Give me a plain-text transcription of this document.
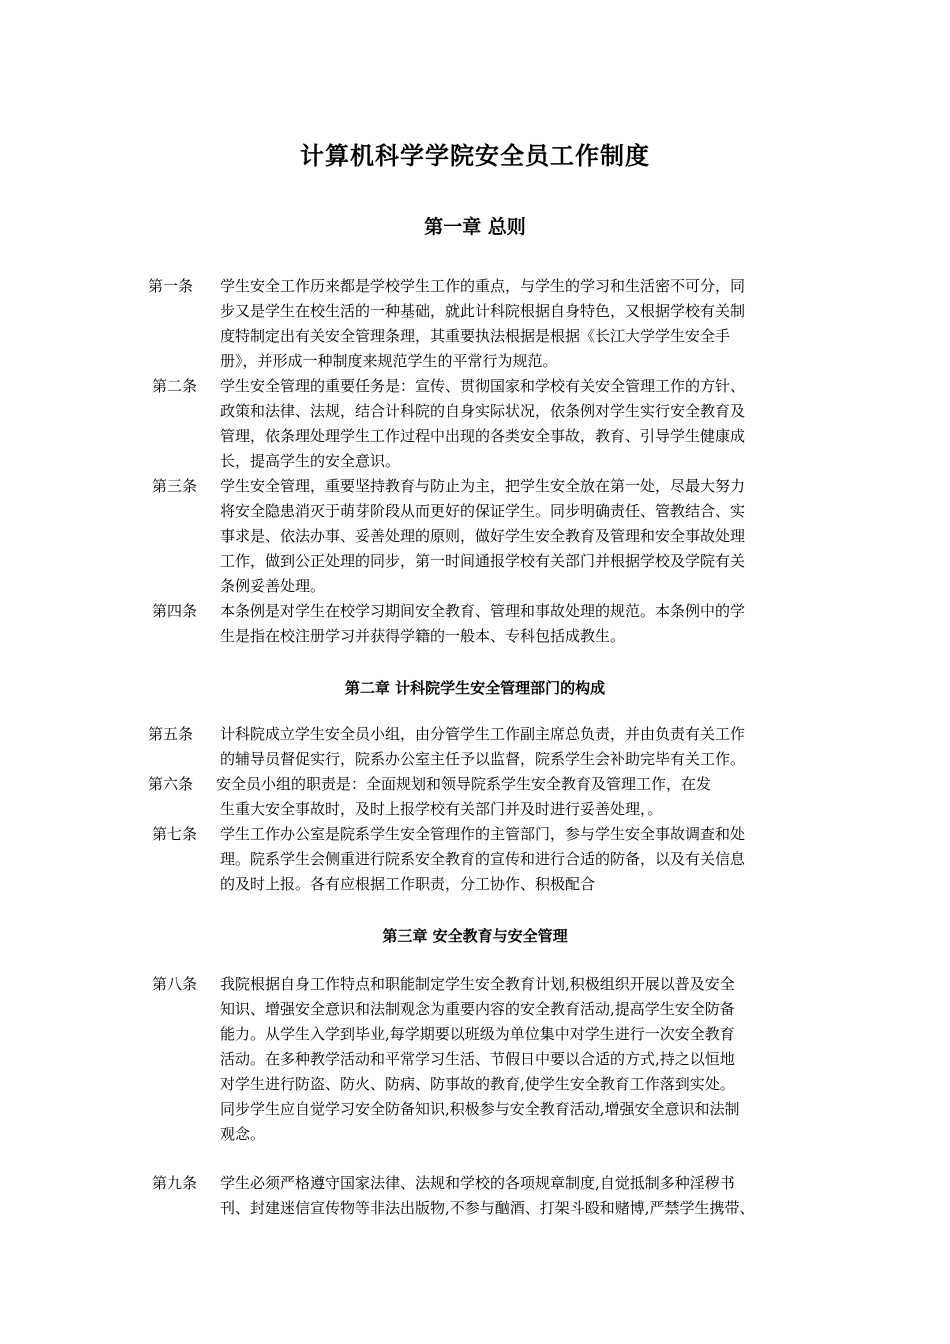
计算机科学学院安全员工作制度
第一章 总则
第一条 学生安全工作历来都是学校学生工作的重点，与学生的学习和生活密不可分，同
步又是学生在校生活的一种基础，就此计科院根据自身特色，又根据学校有关制
度特制定出有关安全管理条理，其重要执法根据是根据《长江大学学生安全手
册》，并形成一种制度来规范学生的平常行为规范。
第二条 学生安全管理的重要任务是：宣传、贯彻国家和学校有关安全管理工作的方针、
政策和法律、法规，结合计科院的自身实际状况，依条例对学生实行安全教育及
管理，依条理处理学生工作过程中出现的各类安全事故，教育、引导学生健康成
长，提高学生的安全意识。
第三条 学生安全管理，重要坚持教育与防止为主，把学生安全放在第一处，尽最大努力
将安全隐患消灭于萌芽阶段从而更好的保证学生。同步明确责任、管教结合、实
事求是、依法办事、妥善处理的原则，做好学生安全教育及管理和安全事故处理
工作，做到公正处理的同步，第一时间通报学校有关部门并根据学校及学院有关
条例妥善处理。
第四条 本条例是对学生在校学习期间安全教育、管理和事故处理的规范。本条例中的学
生是指在校注册学习并获得学籍的一般本、专科包括成教生。
第二章 计科院学生安全管理部门的构成
第五条 计科院成立学生安全员小组，由分管学生工作副主席总负责，并由负责有关工作
的辅导员督促实行，院系办公室主任予以监督，院系学生会补助完毕有关工作。
第六条 安全员小组的职责是：全面规划和领导院系学生安全教育及管理工作，在发
生重大安全事故时，及时上报学校有关部门并及时进行妥善处理，。
第七条 学生工作办公室是院系学生安全管理作的主管部门，参与学生安全事故调查和处
理。院系学生会侧重进行院系安全教育的宣传和进行合适的防备，以及有关信息
的及时上报。各有应根据工作职责，分工协作、积极配合
第三章 安全教育与安全管理
第八条 我院根据自身工作特点和职能制定学生安全教育计划,积极组织开展以普及安全
知识、增强安全意识和法制观念为重要内容的安全教育活动,提高学生安全防备
能力。从学生入学到毕业,每学期要以班级为单位集中对学生进行一次安全教育
活动。在多种教学活动和平常学习生活、节假日中要以合适的方式,持之以恒地
对学生进行防盗、防火、防病、防事故的教育,使学生安全教育工作落到实处。
同步学生应自觉学习安全防备知识,积极参与安全教育活动,增强安全意识和法制
观念。
第九条 学生必须严格遵守国家法律、法规和学校的各项规章制度,自觉抵制多种淫秽书
刊、封建迷信宣传物等非法出版物,不参与酗酒、打架斗殴和赌博,严禁学生携带、
